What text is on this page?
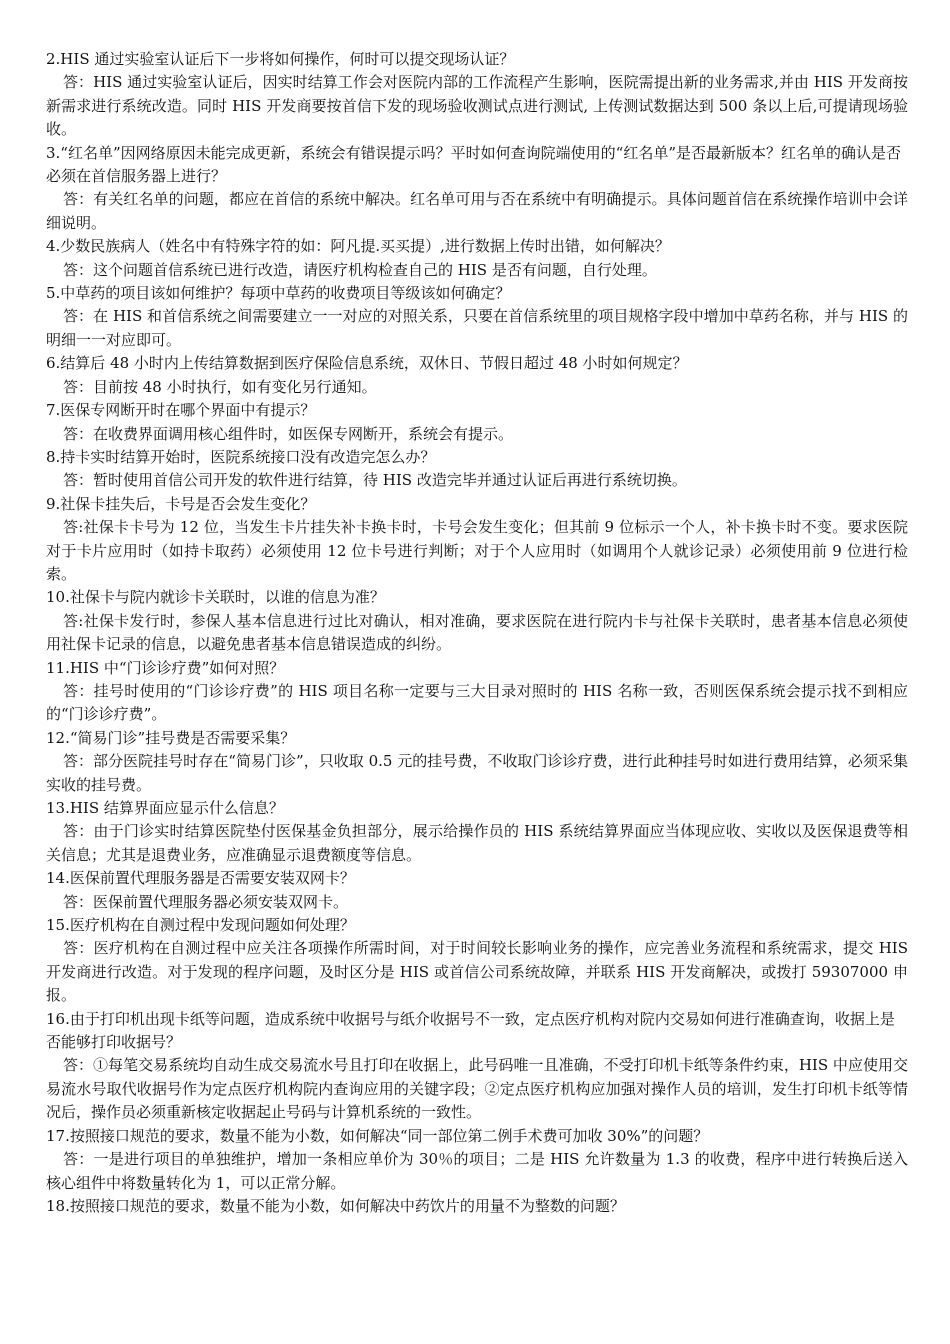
2.HIS 通过实验室认证后下一步将如何操作，何时可以提交现场认证？

答：HIS 通过实验室认证后，因实时结算工作会对医院内部的工作流程产生影响，医院需提出新的业务需求,并由 HIS 开发商按新需求进行系统改造。同时 HIS 开发商要按首信下发的现场验收测试点进行测试, 上传测试数据达到 500 条以上后,可提请现场验收。

3.“红名单”因网络原因未能完成更新，系统会有错误提示吗？平时如何查询院端使用的“红名单”是否最新版本？红名单的确认是否必须在首信服务器上进行？

答：有关红名单的问题，都应在首信的系统中解决。红名单可用与否在系统中有明确提示。具体问题首信在系统操作培训中会详细说明。

4.少数民族病人（姓名中有特殊字符的如：阿凡提.买买提）,进行数据上传时出错，如何解决？

答：这个问题首信系统已进行改造，请医疗机构检查自己的 HIS 是否有问题，自行处理。

5.中草药的项目该如何维护？每项中草药的收费项目等级该如何确定？

答：在 HIS 和首信系统之间需要建立一一对应的对照关系，只要在首信系统里的项目规格字段中增加中草药名称，并与 HIS 的明细一一对应即可。

6.结算后 48 小时内上传结算数据到医疗保险信息系统，双休日、节假日超过 48 小时如何规定？

答：目前按 48 小时执行，如有变化另行通知。

7.医保专网断开时在哪个界面中有提示？

答：在收费界面调用核心组件时，如医保专网断开，系统会有提示。

8.持卡实时结算开始时，医院系统接口没有改造完怎么办？

答：暂时使用首信公司开发的软件进行结算，待 HIS 改造完毕并通过认证后再进行系统切换。

9.社保卡挂失后，卡号是否会发生变化？

答:社保卡卡号为 12 位，当发生卡片挂失补卡换卡时，卡号会发生变化；但其前 9 位标示一个人，补卡换卡时不变。要求医院对于卡片应用时（如持卡取药）必须使用 12 位卡号进行判断；对于个人应用时（如调用个人就诊记录）必须使用前 9 位进行检索。

10.社保卡与院内就诊卡关联时，以谁的信息为准？

答:社保卡发行时，参保人基本信息进行过比对确认，相对准确，要求医院在进行院内卡与社保卡关联时，患者基本信息必须使用社保卡记录的信息，以避免患者基本信息错误造成的纠纷。

11.HIS 中“门诊诊疗费”如何对照？

答：挂号时使用的“门诊诊疗费”的 HIS 项目名称一定要与三大目录对照时的 HIS 名称一致，否则医保系统会提示找不到相应的“门诊诊疗费”。

12.“简易门诊”挂号费是否需要采集？

答：部分医院挂号时存在“简易门诊”，只收取 0.5 元的挂号费，不收取门诊诊疗费，进行此种挂号时如进行费用结算，必须采集实收的挂号费。

13.HIS 结算界面应显示什么信息？

答：由于门诊实时结算医院垫付医保基金负担部分，展示给操作员的 HIS 系统结算界面应当体现应收、实收以及医保退费等相关信息；尤其是退费业务，应准确显示退费额度等信息。

14.医保前置代理服务器是否需要安装双网卡？

答：医保前置代理服务器必须安装双网卡。

15.医疗机构在自测过程中发现问题如何处理？

答：医疗机构在自测过程中应关注各项操作所需时间，对于时间较长影响业务的操作，应完善业务流程和系统需求，提交 HIS 开发商进行改造。对于发现的程序问题，及时区分是 HIS 或首信公司系统故障，并联系 HIS 开发商解决，或拨打 59307000 申报。

16.由于打印机出现卡纸等问题，造成系统中收据号与纸介收据号不一致，定点医疗机构对院内交易如何进行准确查询，收据上是否能够打印收据号？

答：①每笔交易系统均自动生成交易流水号且打印在收据上，此号码唯一且准确，不受打印机卡纸等条件约束，HIS 中应使用交易流水号取代收据号作为定点医疗机构院内查询应用的关键字段；②定点医疗机构应加强对操作人员的培训，发生打印机卡纸等情况后，操作员必须重新核定收据起止号码与计算机系统的一致性。

17.按照接口规范的要求，数量不能为小数，如何解决“同一部位第二例手术费可加收 30%”的问题？

答：一是进行项目的单独维护，增加一条相应单价为 30％的项目；二是 HIS 允许数量为 1.3 的收费，程序中进行转换后送入核心组件中将数量转化为 1，可以正常分解。

18.按照接口规范的要求，数量不能为小数，如何解决中药饮片的用量不为整数的问题？
